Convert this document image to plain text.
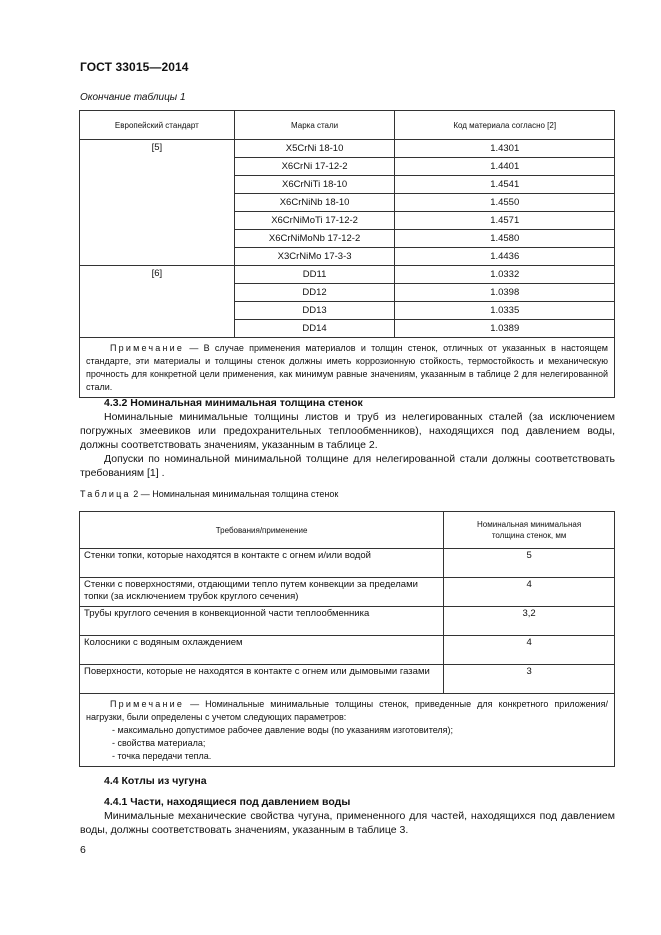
ГОСТ 33015—2014
Окончание таблицы 1
Европейский стандарт	Марка стали	Код материала согласно [2]
[5]	X5CrNi 18-10	1.4301
	X6CrNi 17-12-2	1.4401
	X6CrNiTi 18-10	1.4541
	X6CrNiNb 18-10	1.4550
	X6CrNiMoTi 17-12-2	1.4571
	X6CrNiMoNb 17-12-2	1.4580
	X3CrNiMo 17-3-3	1.4436
[6]	DD11	1.0332
	DD12	1.0398
	DD13	1.0335
	DD14	1.0389
Примечание — В случае применения материалов и толщин стенок, отличных от указанных в настоящем стандарте, эти материалы и толщины стенок должны иметь коррозионную стойкость, термостойкость и механическую прочность для конкретной цели применения, как минимум равные значениям, указанным в таблице 2 для нелегированной стали.		
4.3.2 Номинальная минимальная толщина стенок
Номинальные минимальные толщины листов и труб из нелегированных сталей (за исключением погружных змеевиков или предохранительных теплообменников), находящихся под давлением воды, должны соответствовать значениям, указанным в таблице 2.
Допуски по номинальной минимальной толщине для нелегированной стали должны соответствовать требованиям [1] .
Таблица 2 — Номинальная минимальная толщина стенок
Требования/применение	Номинальная минимальная толщина стенок, мм
Стенки топки, которые находятся в контакте с огнем и/или водой	5
Стенки с поверхностями, отдающими тепло путем конвекции за пределами топки (за исключением трубок круглого сечения)	4
Трубы круглого сечения в конвекционной части теплообменника	3,2
Колосники с водяным охлаждением	4
Поверхности, которые не находятся в контакте с огнем или дымовыми газами	3

Примечание — Номинальные минимальные толщины стенок, приведенные для конкретного приложения/нагрузки, были определены с учетом следующих параметров:
- максимально допустимое рабочее давление воды (по указаниям изготовителя);
- свойства материала;
- точка передачи тепла.	
4.4 Котлы из чугуна
4.4.1 Части, находящиеся под давлением воды
Минимальные механические свойства чугуна, примененного для частей, находящихся под давлением воды, должны соответствовать значениям, указанным в таблице 3.
6
